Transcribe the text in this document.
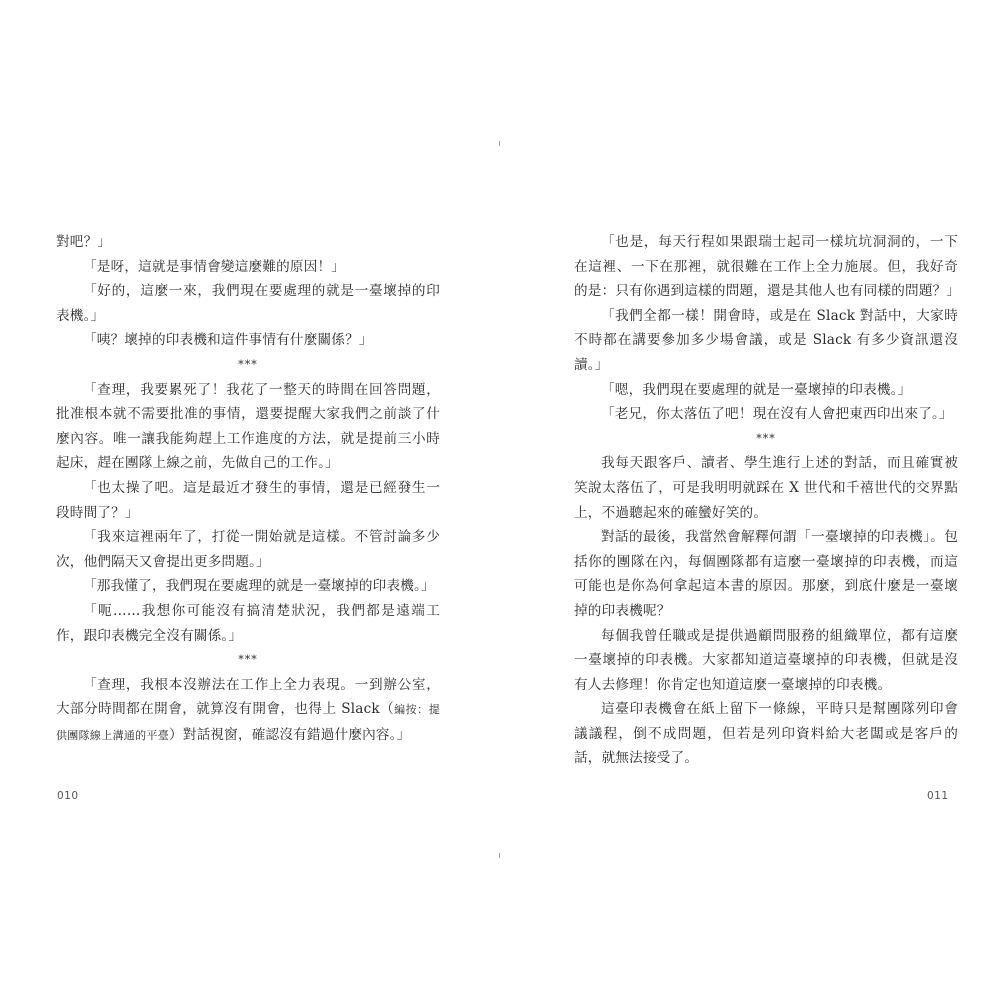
對吧？」

「是呀，這就是事情會變這麼難的原因！」

「好的，這麼一來，我們現在要處理的就是一臺壞掉的印表機。」

「咦？壞掉的印表機和這件事情有什麼關係？」

***

「查理，我要累死了！我花了一整天的時間在回答問題，批准根本就不需要批准的事情，還要提醒大家我們之前談了什麼內容。唯一讓我能夠趕上工作進度的方法，就是提前三小時起床，趕在團隊上線之前，先做自己的工作。」

「也太操了吧。這是最近才發生的事情，還是已經發生一段時間了？」

「我來這裡兩年了，打從一開始就是這樣。不管討論多少次，他們隔天又會提出更多問題。」

「那我懂了，我們現在要處理的就是一臺壞掉的印表機。」

「呃……我想你可能沒有搞清楚狀況，我們都是遠端工作，跟印表機完全沒有關係。」

***

「查理，我根本沒辦法在工作上全力表現。一到辦公室，大部分時間都在開會，就算沒有開會，也得上 Slack（編按：提供團隊線上溝通的平臺）對話視窗，確認沒有錯過什麼內容。」

「也是，每天行程如果跟瑞士起司一樣坑坑洞洞的，一下在這裡、一下在那裡，就很難在工作上全力施展。但，我好奇的是：只有你遇到這樣的問題，還是其他人也有同樣的問題？」

「我們全都一樣！開會時，或是在 Slack 對話中，大家時不時都在講要參加多少場會議，或是 Slack 有多少資訊還沒讀。」

「嗯，我們現在要處理的就是一臺壞掉的印表機。」

「老兄，你太落伍了吧！現在沒有人會把東西印出來了。」

***

我每天跟客戶、讀者、學生進行上述的對話，而且確實被笑說太落伍了，可是我明明就踩在 X 世代和千禧世代的交界點上，不過聽起來的確蠻好笑的。

對話的最後，我當然會解釋何謂「一臺壞掉的印表機」。包括你的團隊在內，每個團隊都有這麼一臺壞掉的印表機，而這可能也是你為何拿起這本書的原因。那麼，到底什麼是一臺壞掉的印表機呢？

每個我曾任職或是提供過顧問服務的組織單位，都有這麼一臺壞掉的印表機。大家都知道這臺壞掉的印表機，但就是沒有人去修理！你肯定也知道這麼一臺壞掉的印表機。

這臺印表機會在紙上留下一條線，平時只是幫團隊列印會議議程，倒不成問題，但若是列印資料給大老闆或是客戶的話，就無法接受了。

010	011
